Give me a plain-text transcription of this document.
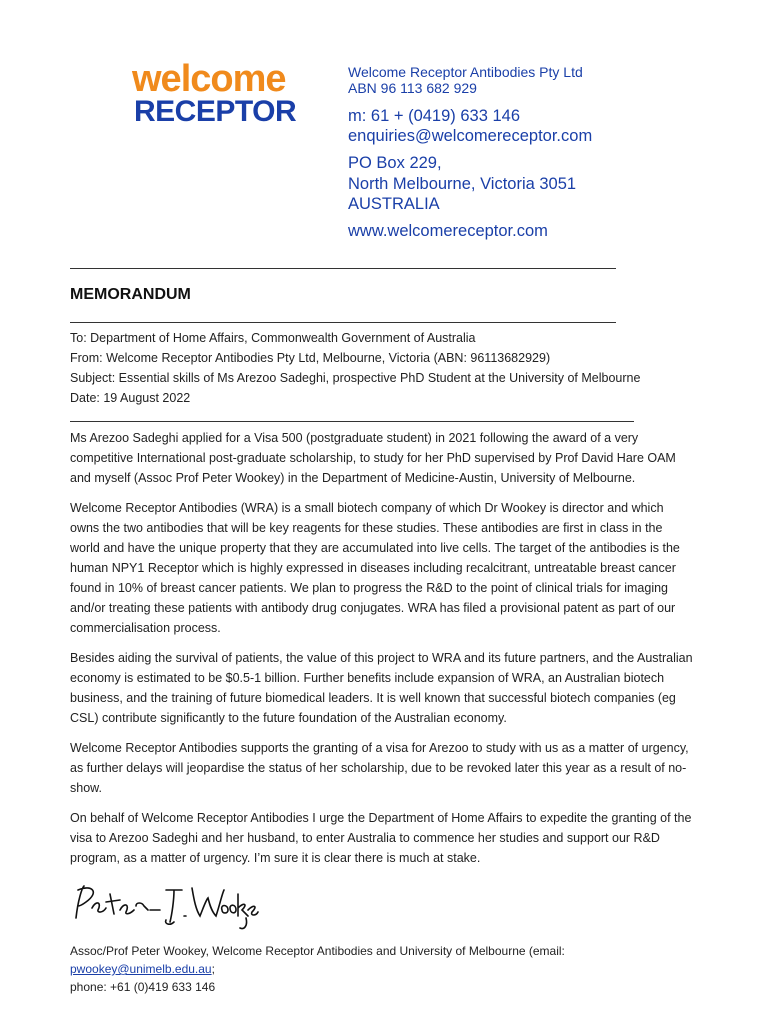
welcome
RECEPTOR
Welcome Receptor Antibodies Pty Ltd
ABN 96 113 682 929
m: 61 + (0419) 633 146
enquiries@welcomereceptor.com
PO Box 229,
North Melbourne, Victoria 3051
AUSTRALIA
www.welcomereceptor.com
MEMORANDUM
To: Department of Home Affairs, Commonwealth Government of Australia
From: Welcome Receptor Antibodies Pty Ltd, Melbourne, Victoria (ABN: 96113682929)
Subject: Essential skills of Ms Arezoo Sadeghi, prospective PhD Student at the University of Melbourne
Date: 19 August 2022

Ms Arezoo Sadeghi applied for a Visa 500 (postgraduate student) in 2021 following the award of a very competitive International post-graduate scholarship, to study for her PhD supervised by Prof David Hare OAM and myself (Assoc Prof Peter Wookey) in the Department of Medicine-Austin, University of Melbourne.

Welcome Receptor Antibodies (WRA) is a small biotech company of which Dr Wookey is director and which owns the two antibodies that will be key reagents for these studies. These antibodies are first in class in the world and have the unique property that they are accumulated into live cells. The target of the antibodies is the human NPY1 Receptor which is highly expressed in diseases including recalcitrant, untreatable breast cancer found in 10% of breast cancer patients. We plan to progress the R&D to the point of clinical trials for imaging and/or treating these patients with antibody drug conjugates. WRA has filed a provisional patent as part of our commercialisation process.

Besides aiding the survival of patients, the value of this project to WRA and its future partners, and the Australian economy is estimated to be $0.5-1 billion. Further benefits include expansion of WRA, an Australian biotech business, and the training of future biomedical leaders. It is well known that successful biotech companies (eg CSL) contribute significantly to the future foundation of the Australian economy.

Welcome Receptor Antibodies supports the granting of a visa for Arezoo to study with us as a matter of urgency, as further delays will jeopardise the status of her scholarship, due to be revoked later this year as a result of no-show.

On behalf of Welcome Receptor Antibodies I urge the Department of Home Affairs to expedite the granting of the visa to Arezoo Sadeghi and her husband, to enter Australia to commence her studies and support our R&D program, as a matter of urgency. I’m sure it is clear there is much at stake.

Assoc/Prof Peter Wookey, Welcome Receptor Antibodies and University of Melbourne (email: pwookey@unimelb.edu.au;
phone: +61 (0)419 633 146
